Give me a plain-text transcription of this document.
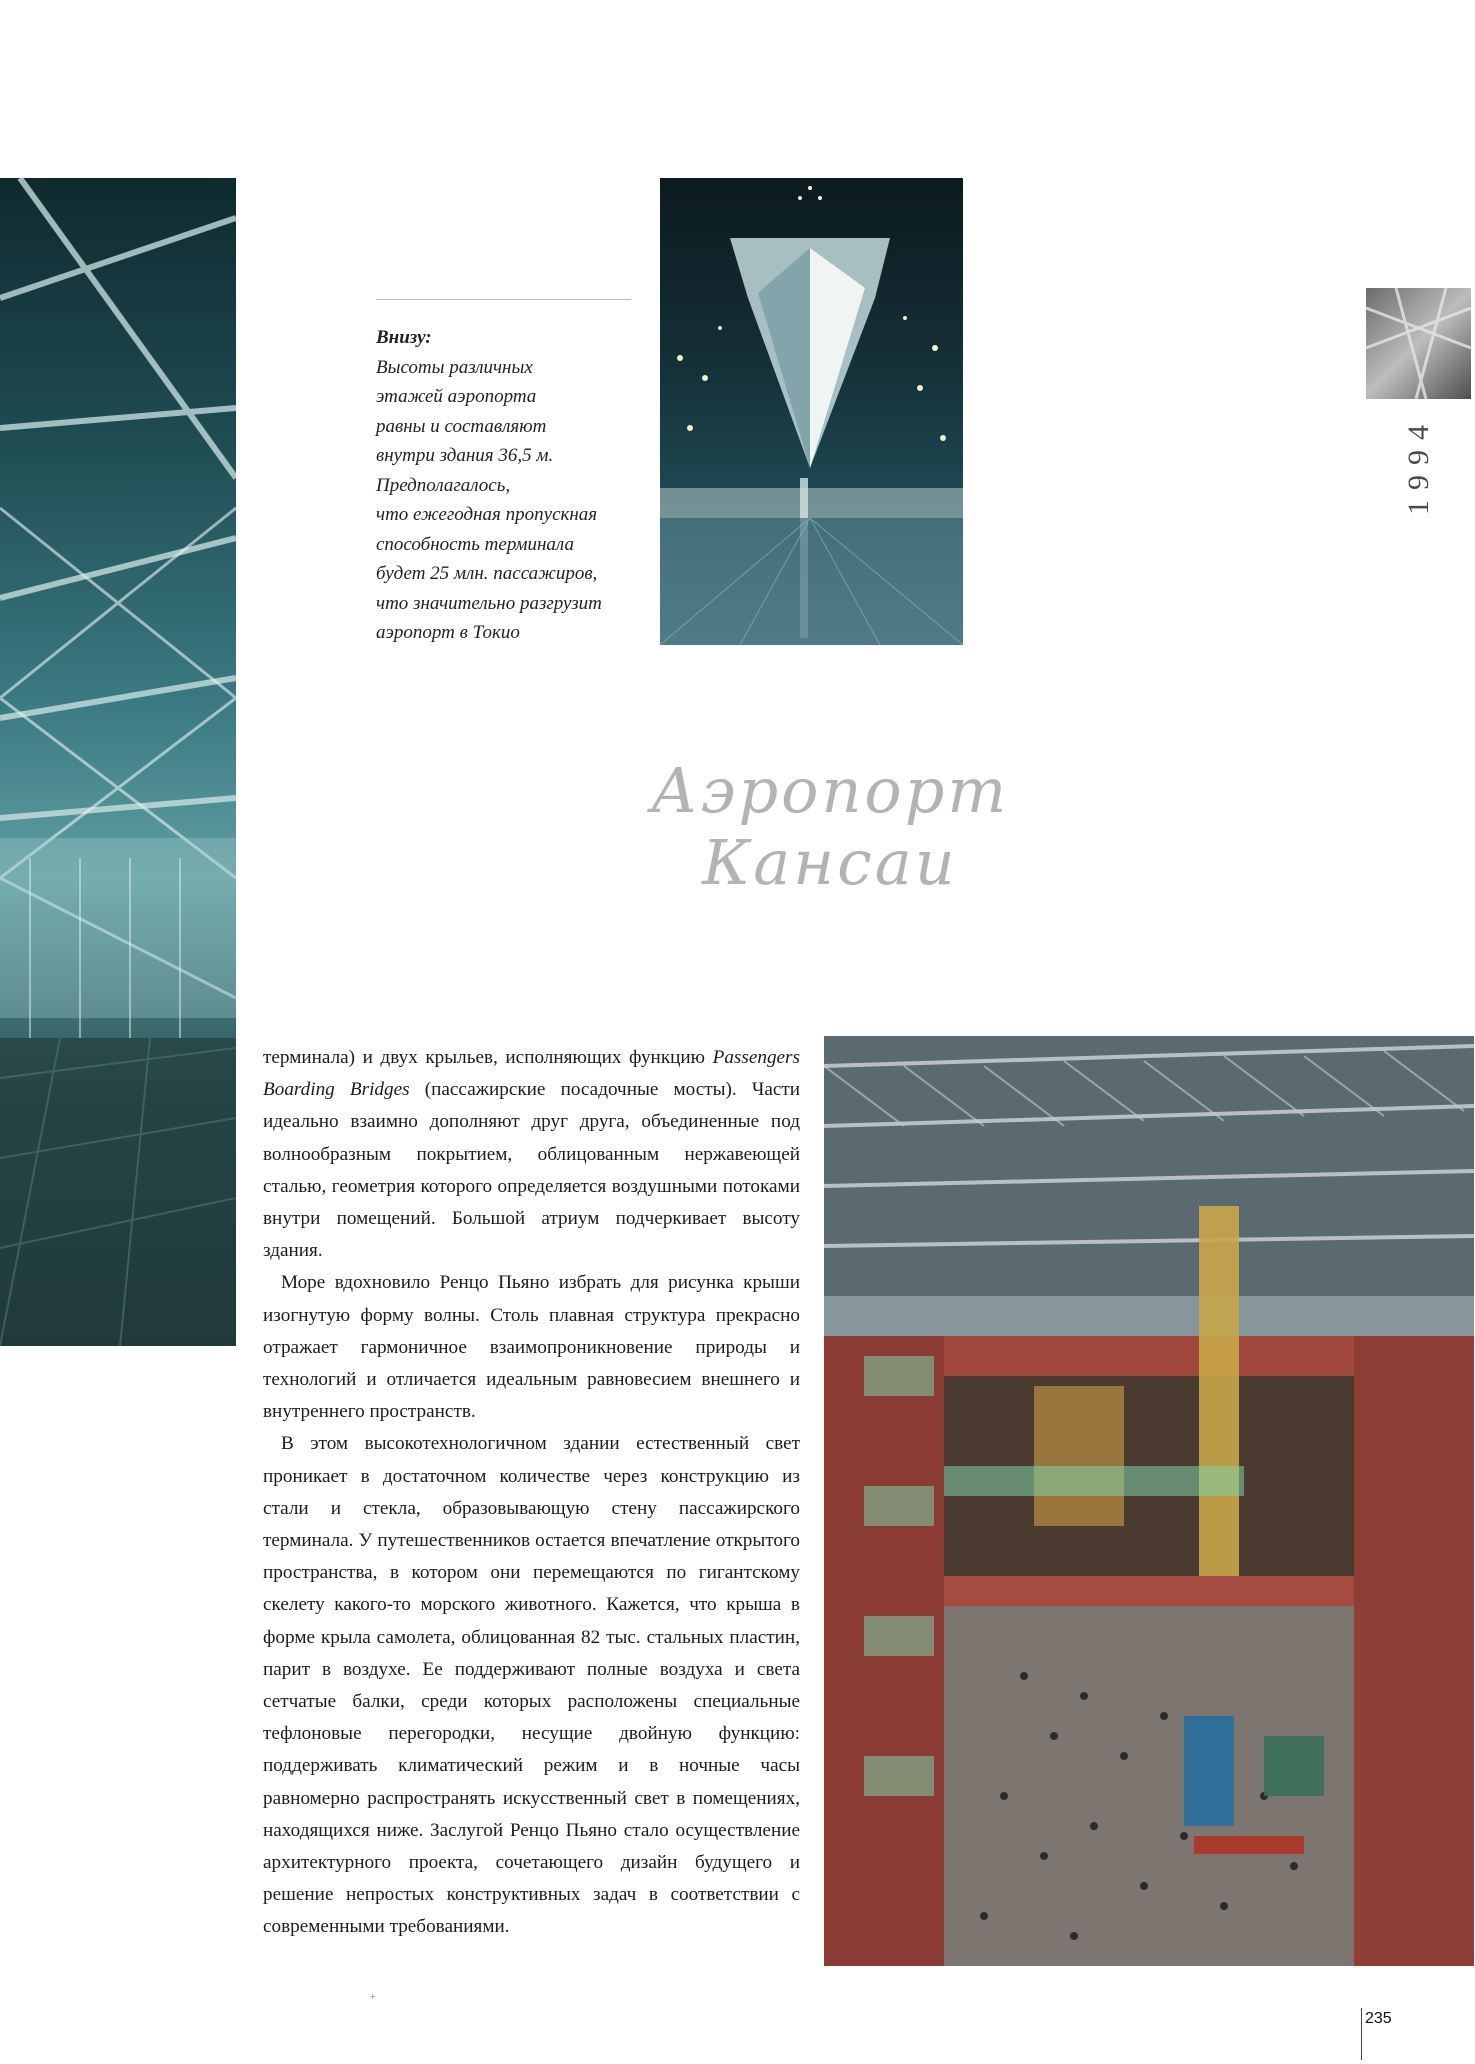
Внизу:
Высоты различных
этажей аэропорта
равны и составляют
внутри здания 36,5 м.
Предполагалось,
что ежегодная пропускная
способность терминала
будет 25 млн. пассажиров,
что значительно разгрузит
аэропорт в Токио
1994
Аэропорт
Кансаи

терминала) и двух крыльев, исполняющих функцию Passengers Boarding Bridges (пассажирские посадочные мосты). Части идеально взаимно дополняют друг друга, объединенные под волнообразным покрытием, облицованным нержавеющей сталью, геометрия которого определяется воздушными потоками внутри помещений. Большой атриум подчеркивает высоту здания.

Море вдохновило Ренцо Пьяно избрать для рисунка крыши изогнутую форму волны. Столь плавная структура прекрасно отражает гармоничное взаимопроникновение природы и технологий и отличается идеальным равновесием внешнего и внутреннего пространств.

В этом высокотехнологичном здании естественный свет проникает в достаточном количестве через конструкцию из стали и стекла, образовывающую стену пассажирского терминала. У путешественников остается впечатление открытого пространства, в котором они перемещаются по гигантскому скелету какого-то морского животного. Кажется, что крыша в форме крыла самолета, облицованная 82 тыс. стальных пластин, парит в воздухе. Ее поддерживают полные воздуха и света сетчатые балки, среди которых расположены специальные тефлоновые перегородки, несущие двойную функцию: поддерживать климатический режим и в ночные часы равномерно распространять искусственный свет в помещениях, находящихся ниже. Заслугой Ренцо Пьяно стало осуществление архитектурного проекта, сочетающего дизайн будущего и решение непростых конструктивных задач в соответствии с современными требованиями.

+
235
